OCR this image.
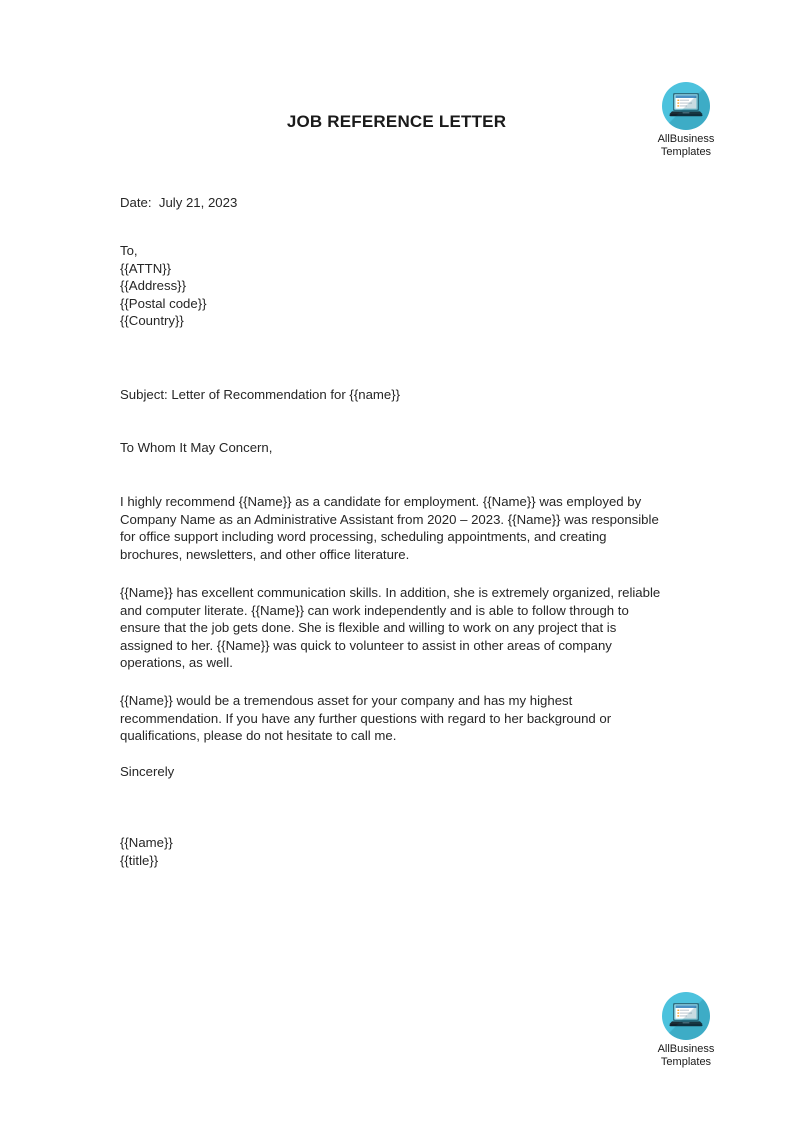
JOB REFERENCE LETTER
AllBusiness
Templates
Date:  July 21, 2023
To,
{{ATTN}}
{{Address}}
{{Postal code}}
{{Country}}
Subject: Letter of Recommendation for {{name}}
To Whom It May Concern,

I highly recommend {{Name}} as a candidate for employment. {{Name}} was employed by Company Name as an Administrative Assistant from 2020 – 2023. {{Name}} was responsible for office support including word processing, scheduling appointments, and creating brochures, newsletters, and other office literature.

{{Name}} has excellent communication skills. In addition, she is extremely organized, reliable and computer literate. {{Name}} can work independently and is able to follow through to ensure that the job gets done. She is flexible and willing to work on any project that is assigned to her. {{Name}} was quick to volunteer to assist in other areas of company operations, as well.

{{Name}} would be a tremendous asset for your company and has my highest recommendation. If you have any further questions with regard to her background or qualifications, please do not hesitate to call me.

Sincerely
{{Name}}
{{title}}
AllBusiness
Templates
